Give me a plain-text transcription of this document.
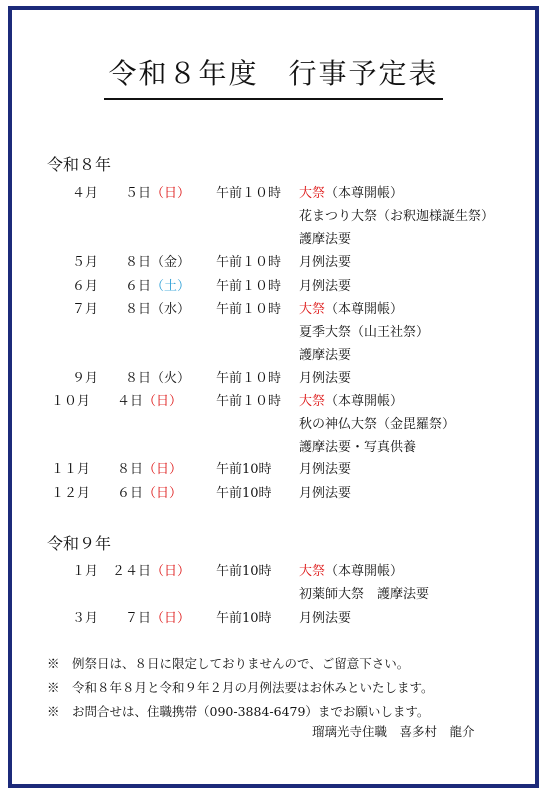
令和８年度　行事予定表
令和８年
４月　 ５日（日）	午前１０時 大祭（本尊開帳）
花まつり大祭（お釈迦様誕生祭）
護摩法要
５月　 ８日（金）	午前１０時 月例法要
６月　 ６日（土）	午前１０時 月例法要
７月　 ８日（水）	午前１０時 大祭（本尊開帳）
夏季大祭（山王社祭）
護摩法要
９月　 ８日（火）	午前１０時 月例法要
１０月　 ４日（日）	午前１０時 大祭（本尊開帳）
秋の神仏大祭（金毘羅祭）
護摩法要・写真供養
１１月　 ８日（日）	午前10時 月例法要
１２月　 ６日（日）	午前10時 月例法要
令和９年
１月　 ２４日（日）	午前10時 大祭（本尊開帳）
初薬師大祭　護摩法要
３月　 ７日（日）	午前10時 月例法要
※　例祭日は、８日に限定しておりませんので、ご留意下さい。
※　令和８年８月と令和９年２月の月例法要はお休みといたします。
※　お問合せは、住職携帯（090-3884-6479）までお願いします。
瑠璃光寺住職　喜多村　龍介
